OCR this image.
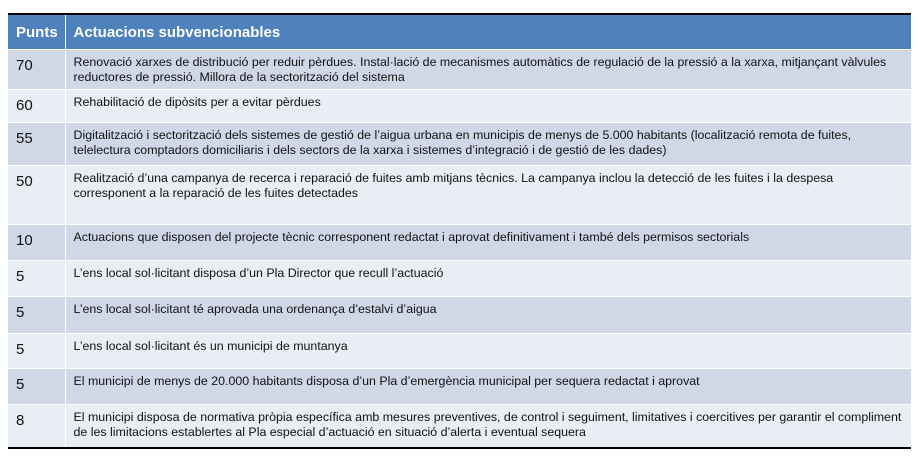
Punts	Actuacions subvencionables
70	Renovació xarxes de distribució per reduir pèrdues. Instal·lació de mecanismes automàtics de regulació de la pressió a la xarxa, mitjançant vàlvules reductores de pressió. Millora de la sectorització del sistema
60	Rehabilitació de dipòsits per a evitar pèrdues
55	Digitalització i sectorització dels sistemes de gestió de l’aigua urbana en municipis de menys de 5.000 habitants (localització remota de fuites, telelectura comptadors domiciliaris i dels sectors de la xarxa i sistemes d’integració i de gestió de les dades)
50	Realització d’una campanya de recerca i reparació de fuites amb mitjans tècnics. La campanya inclou la detecció de les fuites i la despesa corresponent a la reparació de les fuites detectades
10	Actuacions que disposen del projecte tècnic corresponent redactat i aprovat definitivament i també dels permisos sectorials
5	L’ens local sol·licitant disposa d’un Pla Director que recull l’actuació
5	L’ens local sol·licitant té aprovada una ordenança d’estalvi d’aigua
5	L’ens local sol·licitant és un municipi de muntanya
5	El municipi de menys de 20.000 habitants disposa d’un Pla d’emergència municipal per sequera redactat i aprovat
8	El municipi disposa de normativa pròpia específica amb mesures preventives, de control i seguiment, limitatives i coercitives per garantir el compliment de les limitacions establertes al Pla especial d’actuació en situació d’alerta i eventual sequera
